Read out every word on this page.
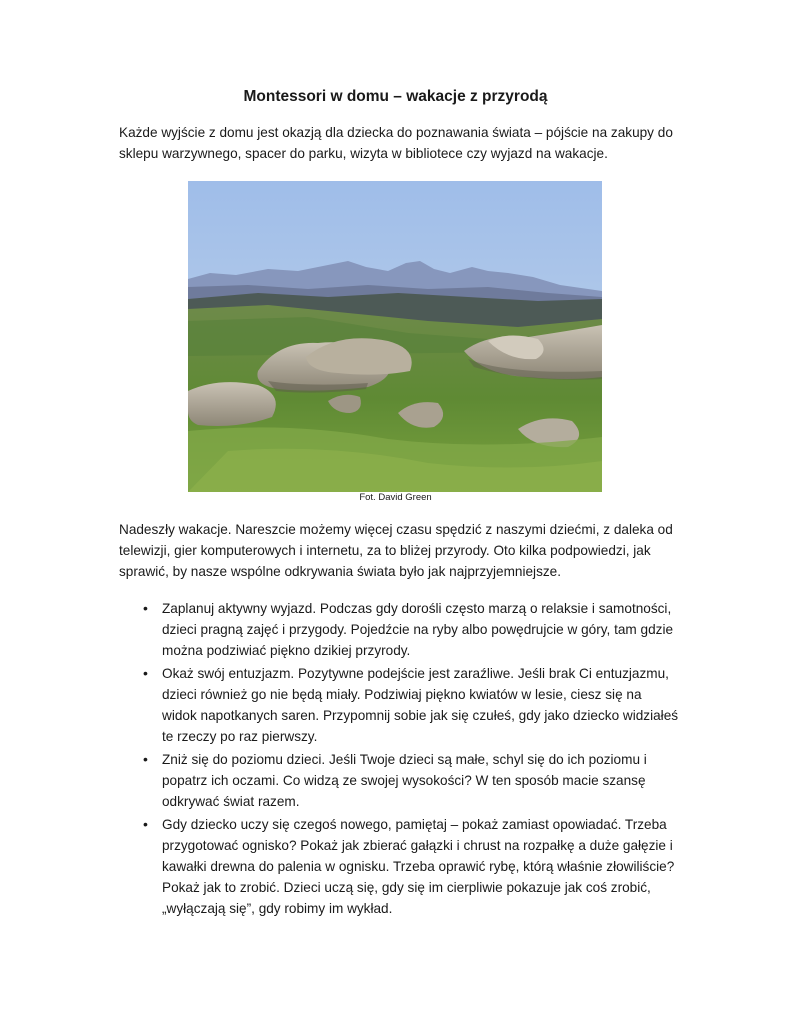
Montessori w domu – wakacje z przyrodą

Każde wyjście z domu jest okazją dla dziecka do poznawania świata – pójście na zakupy do sklepu warzywnego, spacer do parku, wizyta w bibliotece czy wyjazd na wakacje.

Fot. David Green

Nadeszły wakacje. Nareszcie możemy więcej czasu spędzić z naszymi dziećmi, z daleka od telewizji, gier komputerowych i internetu, za to bliżej przyrody. Oto kilka podpowiedzi, jak sprawić, by nasze wspólne odkrywania świata było jak najprzyjemniejsze.

• Zaplanuj aktywny wyjazd. Podczas gdy dorośli często marzą o relaksie i samotności, dzieci pragną zajęć i przygody. Pojedźcie na ryby albo powędrujcie w góry, tam gdzie można podziwiać piękno dzikiej przyrody.
• Okaż swój entuzjazm. Pozytywne podejście jest zaraźliwe. Jeśli brak Ci entuzjazmu, dzieci również go nie będą miały. Podziwiaj piękno kwiatów w lesie, ciesz się na widok napotkanych saren. Przypomnij sobie jak się czułeś, gdy jako dziecko widziałeś te rzeczy po raz pierwszy.
• Zniż się do poziomu dzieci. Jeśli Twoje dzieci są małe, schyl się do ich poziomu i popatrz ich oczami. Co widzą ze swojej wysokości? W ten sposób macie szansę odkrywać świat razem.
• Gdy dziecko uczy się czegoś nowego, pamiętaj – pokaż zamiast opowiadać. Trzeba przygotować ognisko? Pokaż jak zbierać gałązki i chrust na rozpałkę a duże gałęzie i kawałki drewna do palenia w ognisku. Trzeba oprawić rybę, którą właśnie złowiliście? Pokaż jak to zrobić. Dzieci uczą się, gdy się im cierpliwie pokazuje jak coś zrobić, „wyłączają się”, gdy robimy im wykład.
